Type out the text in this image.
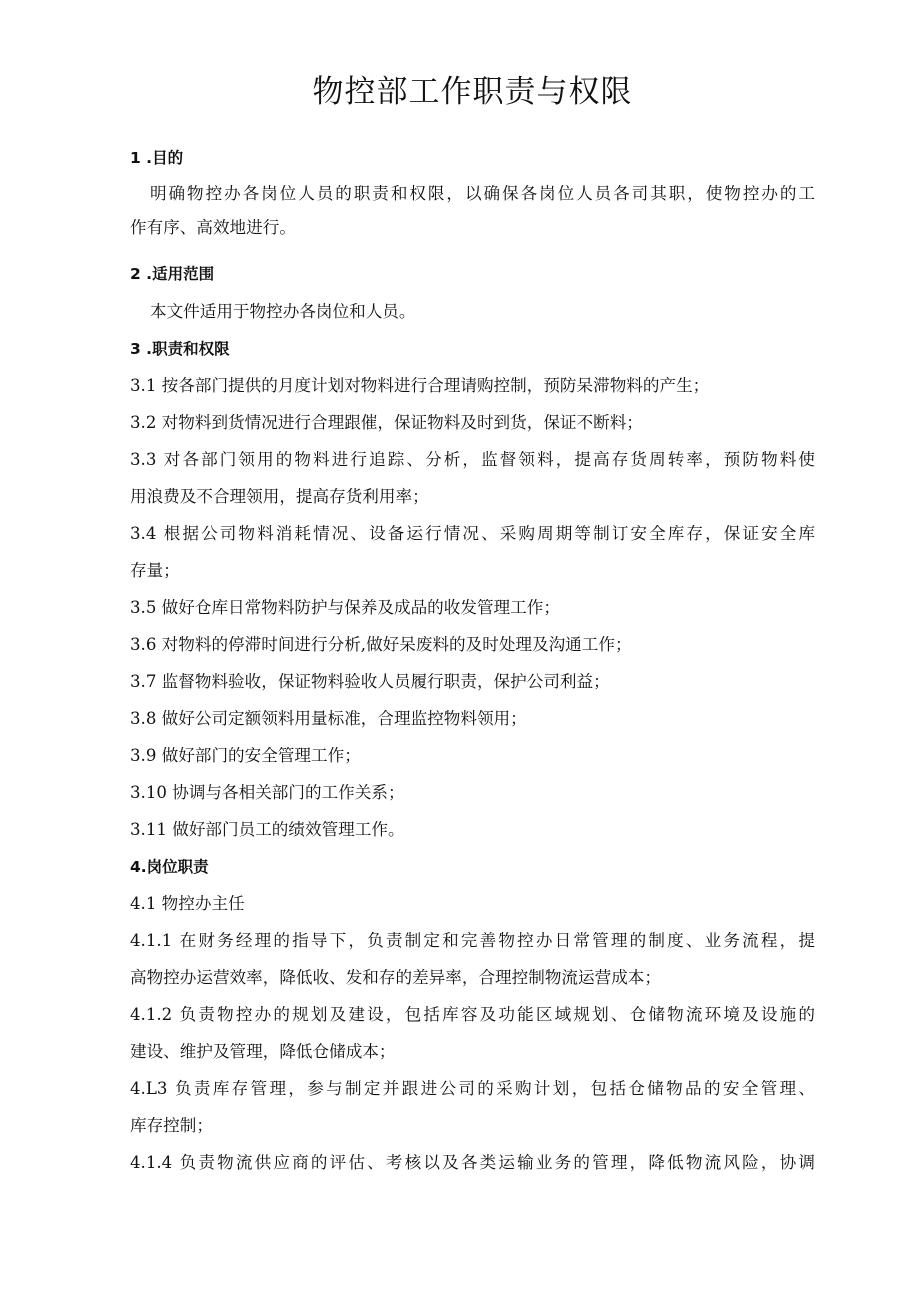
物控部工作职责与权限

1 .目的

明确物控办各岗位人员的职责和权限，以确保各岗位人员各司其职，使物控办的工

作有序、高效地进行。

2 .适用范围

本文件适用于物控办各岗位和人员。

3 .职责和权限

3.1 按各部门提供的月度计划对物料进行合理请购控制，预防呆滞物料的产生；

3.2 对物料到货情况进行合理跟催，保证物料及时到货，保证不断料；

3.3 对各部门领用的物料进行追踪、分析，监督领料，提高存货周转率，预防物料使

用浪费及不合理领用，提高存货利用率；

3.4 根据公司物料消耗情况、设备运行情况、采购周期等制订安全库存，保证安全库

存量；

3.5 做好仓库日常物料防护与保养及成品的收发管理工作；

3.6 对物料的停滞时间进行分析,做好呆废料的及时处理及沟通工作；

3.7 监督物料验收，保证物料验收人员履行职责，保护公司利益；

3.8 做好公司定额领料用量标准，合理监控物料领用；

3.9 做好部门的安全管理工作；

3.10 协调与各相关部门的工作关系；

3.11 做好部门员工的绩效管理工作。

4.岗位职责

4.1 物控办主任

4.1.1 在财务经理的指导下，负责制定和完善物控办日常管理的制度、业务流程，提

高物控办运营效率，降低收、发和存的差异率，合理控制物流运营成本；

4.1.2 负责物控办的规划及建设，包括库容及功能区域规划、仓储物流环境及设施的

建设、维护及管理，降低仓储成本；

4.L3 负责库存管理，参与制定并跟进公司的采购计划，包括仓储物品的安全管理、

库存控制；

4.1.4 负责物流供应商的评估、考核以及各类运输业务的管理，降低物流风险，协调
